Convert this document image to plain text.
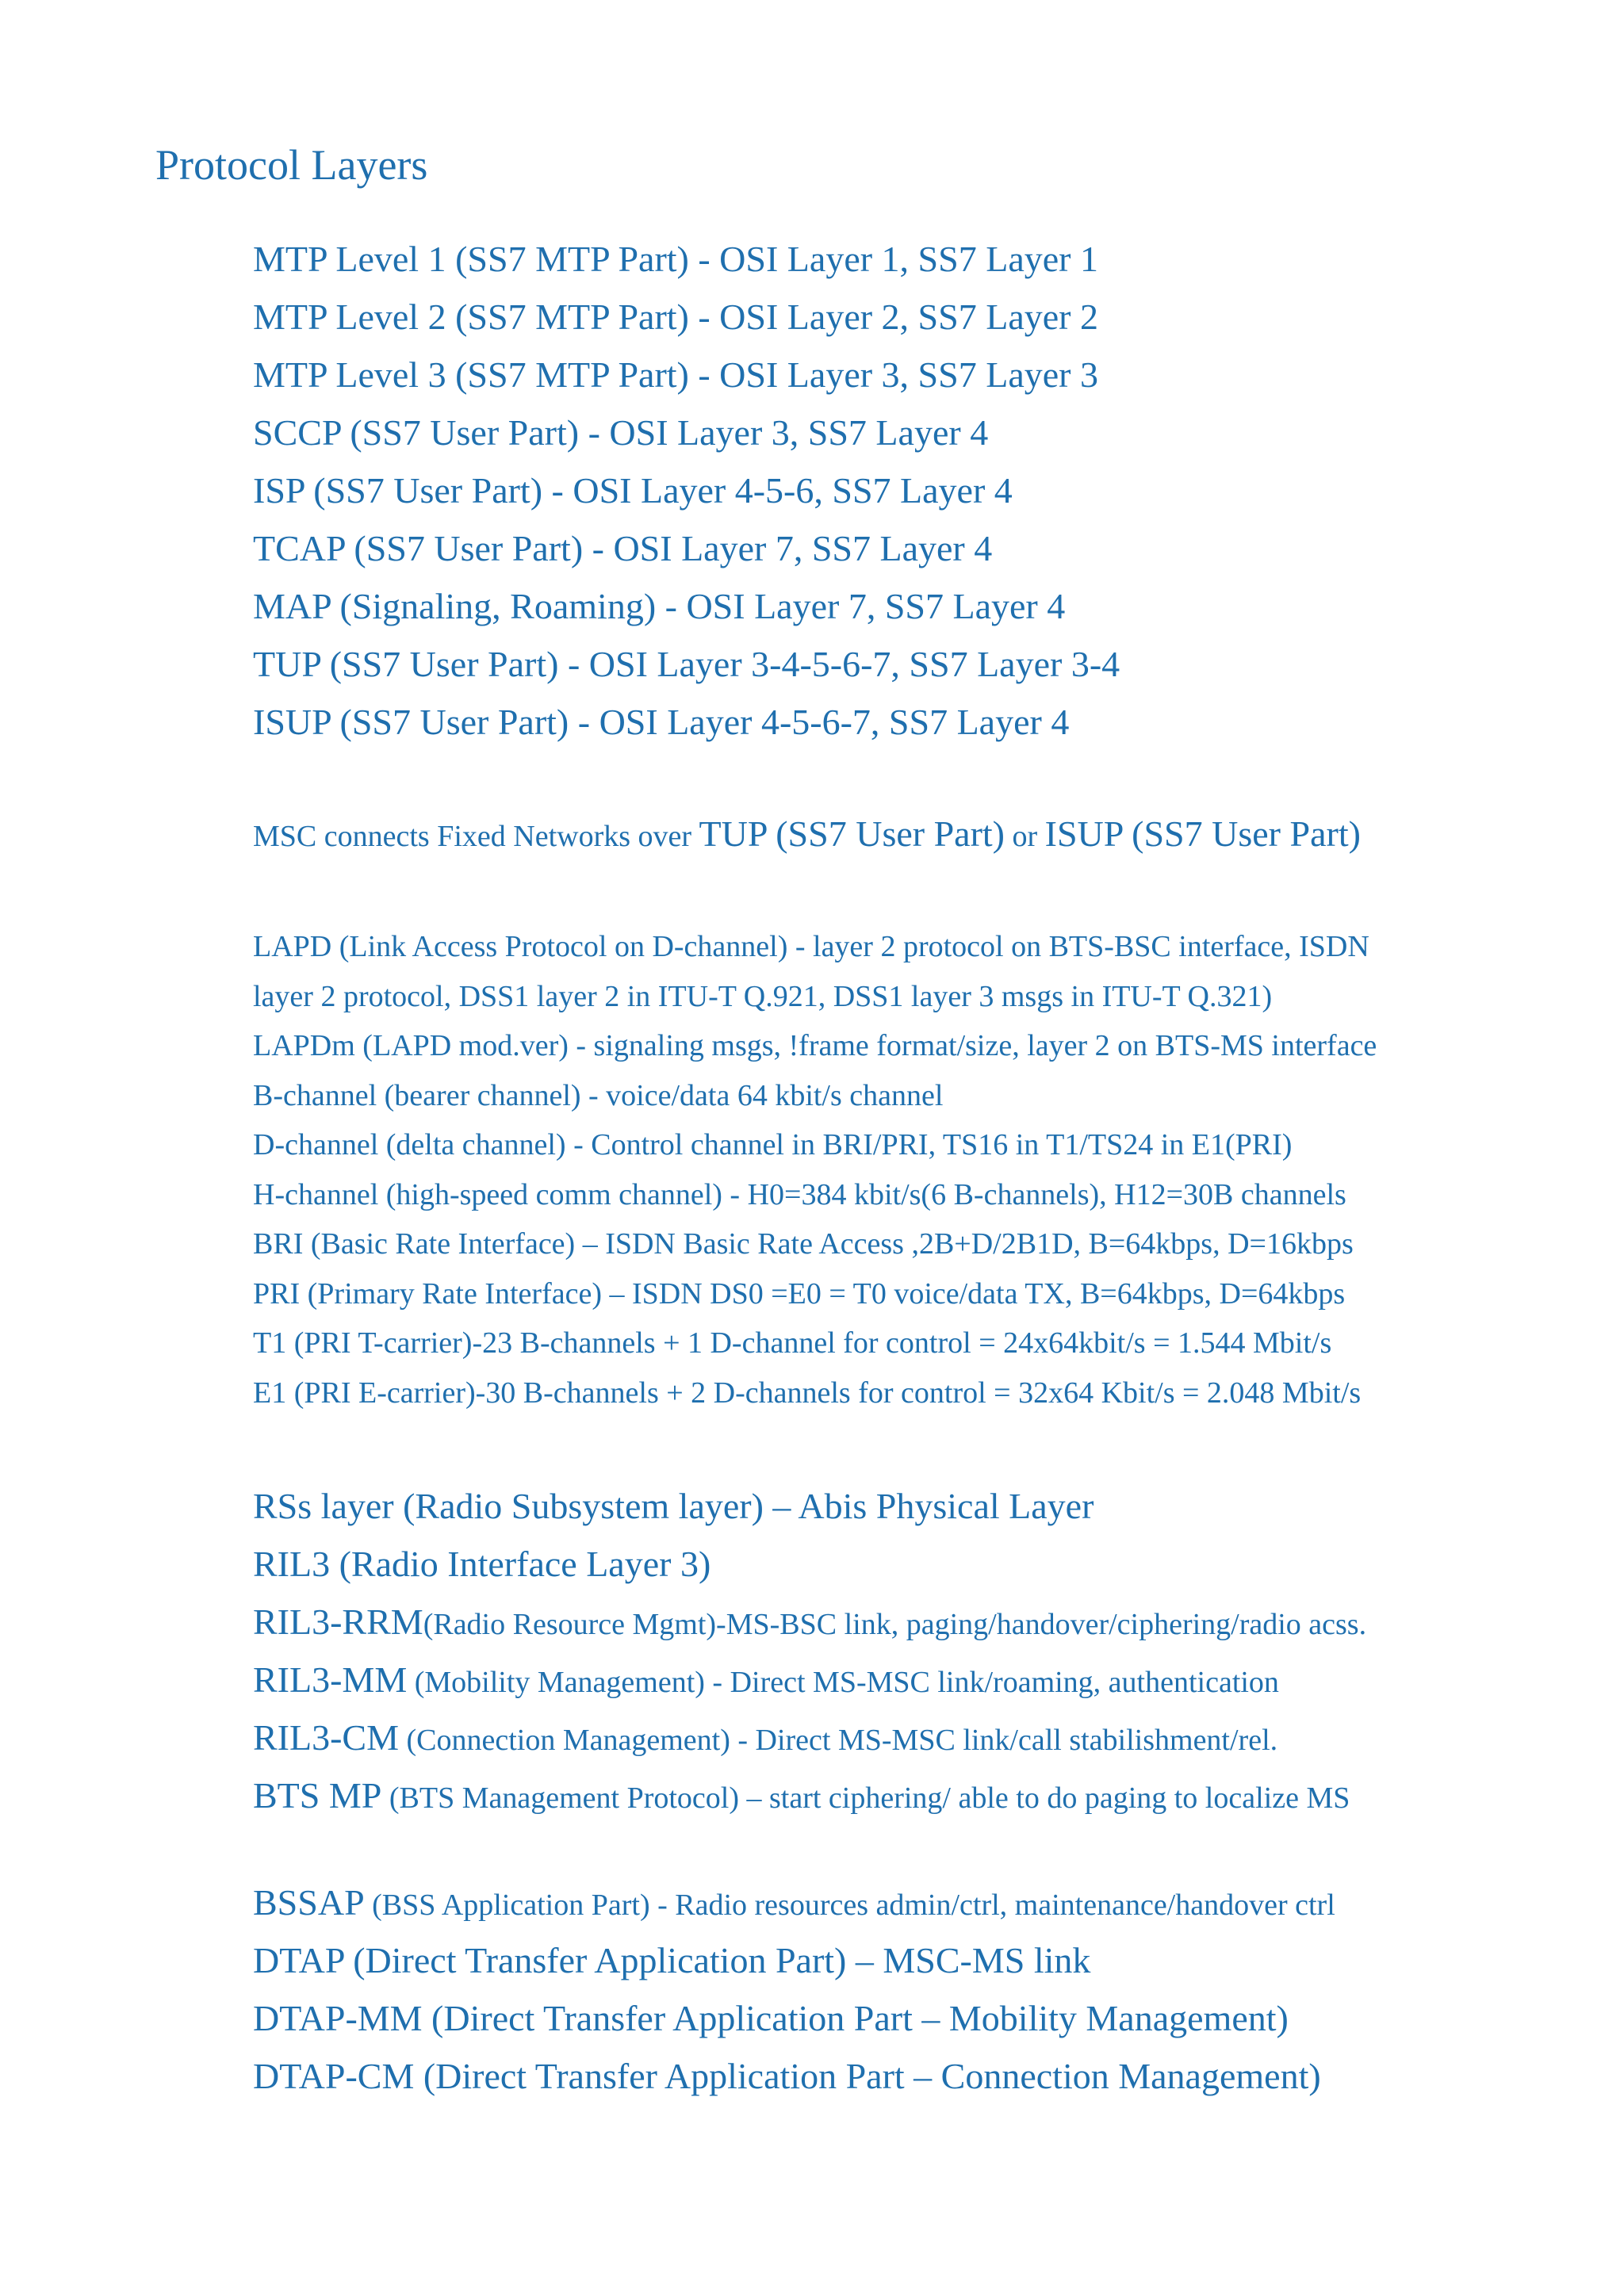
Protocol Layers
MTP Level 1 (SS7 MTP Part) - OSI Layer 1, SS7 Layer 1
MTP Level 2 (SS7 MTP Part) - OSI Layer 2, SS7 Layer 2
MTP Level 3 (SS7 MTP Part) - OSI Layer 3, SS7 Layer 3
SCCP (SS7 User Part) - OSI Layer 3, SS7 Layer 4
ISP (SS7 User Part) - OSI Layer 4-5-6, SS7 Layer 4
TCAP (SS7 User Part) - OSI Layer 7, SS7 Layer 4
MAP (Signaling, Roaming) - OSI Layer 7, SS7 Layer 4
TUP (SS7 User Part) - OSI Layer 3-4-5-6-7, SS7 Layer 3-4
ISUP (SS7 User Part) - OSI Layer 4-5-6-7, SS7 Layer 4
MSC connects Fixed Networks over TUP (SS7 User Part) or ISUP (SS7 User Part)
LAPD (Link Access Protocol on D-channel) - layer 2 protocol on BTS-BSC interface, ISDN
layer 2 protocol, DSS1 layer 2 in ITU-T Q.921, DSS1 layer 3 msgs in ITU-T Q.321)
LAPDm (LAPD mod.ver) - signaling msgs, !frame format/size, layer 2 on BTS-MS interface
B-channel (bearer channel) - voice/data 64 kbit/s channel
D-channel (delta channel) - Control channel in BRI/PRI, TS16 in T1/TS24 in E1(PRI)
H-channel (high-speed comm channel) - H0=384 kbit/s(6 B-channels), H12=30B channels
BRI (Basic Rate Interface) – ISDN Basic Rate Access ,2B+D/2B1D, B=64kbps, D=16kbps
PRI (Primary Rate Interface) – ISDN DS0 =E0 = T0 voice/data TX, B=64kbps, D=64kbps
T1 (PRI T-carrier)-23 B-channels + 1 D-channel for control = 24x64kbit/s = 1.544 Mbit/s
E1 (PRI E-carrier)-30 B-channels + 2 D-channels for control = 32x64 Kbit/s = 2.048 Mbit/s
RSs layer (Radio Subsystem layer) – Abis Physical Layer
RIL3 (Radio Interface Layer 3)
RIL3-RRM(Radio Resource Mgmt)-MS-BSC link, paging/handover/ciphering/radio acss.
RIL3-MM (Mobility Management) - Direct MS-MSC link/roaming, authentication
RIL3-CM (Connection Management) - Direct MS-MSC link/call stabilishment/rel.
BTS MP (BTS Management Protocol) – start ciphering/ able to do paging to localize MS
BSSAP (BSS Application Part) - Radio resources admin/ctrl, maintenance/handover ctrl
DTAP (Direct Transfer Application Part) – MSC-MS link
DTAP-MM (Direct Transfer Application Part – Mobility Management)
DTAP-CM (Direct Transfer Application Part – Connection Management)
